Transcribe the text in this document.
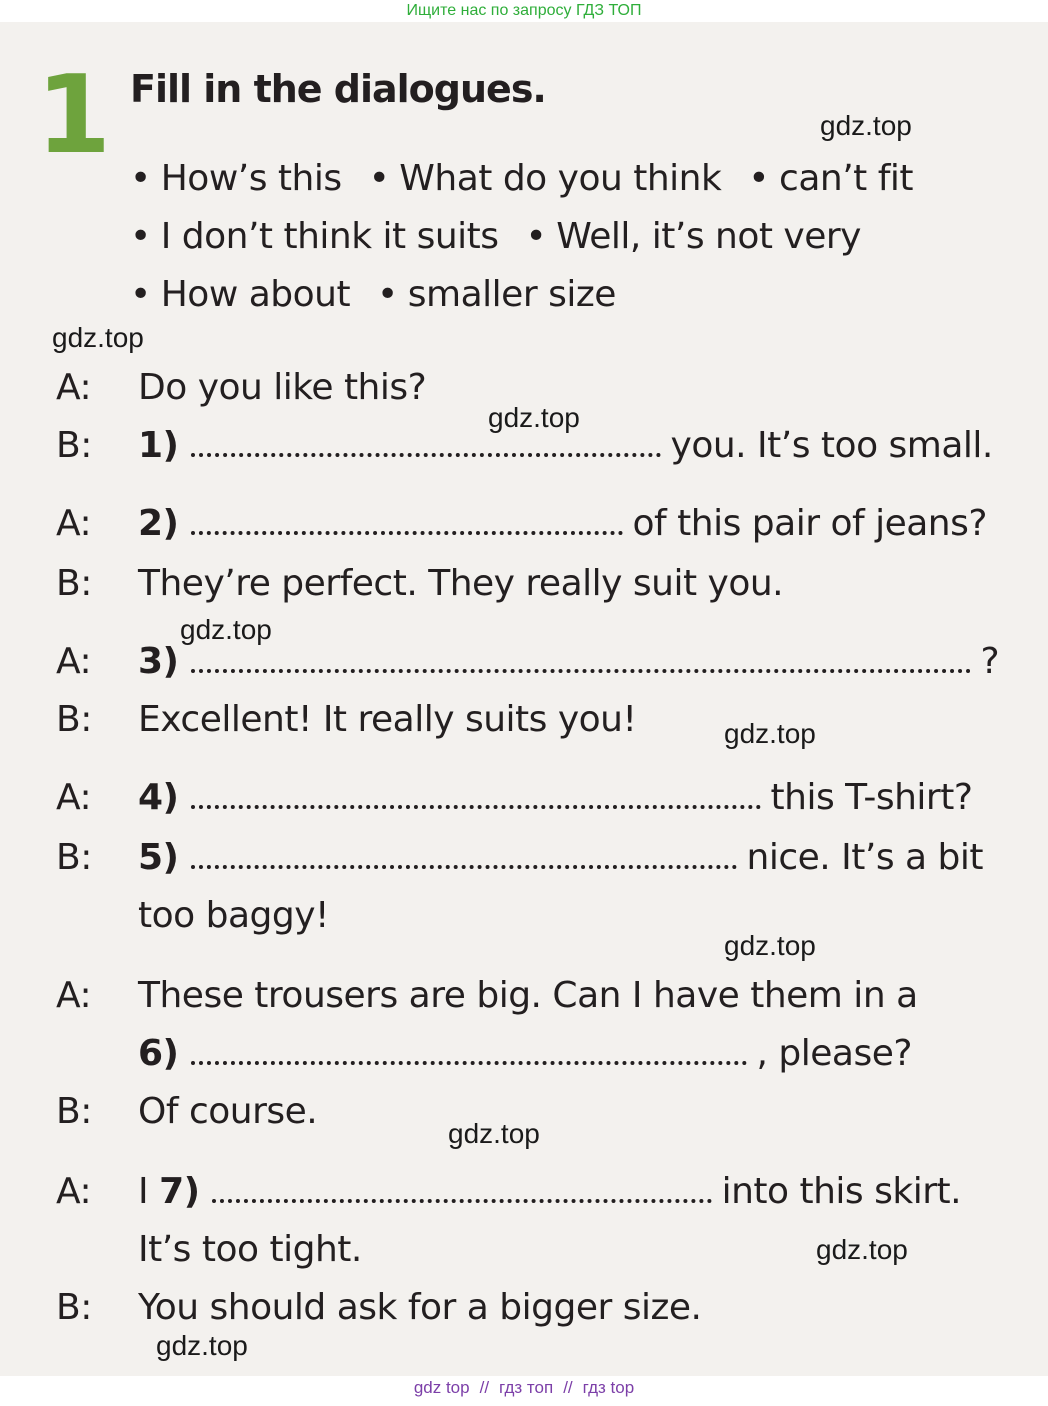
Ищите нас по запросу ГДЗ ТОП
1 Fill in the dialogues.
• How’s this • What do you think • can’t fit
• I don’t think it suits • Well, it’s not very
• How about • smaller size
A:	Do you like this?
B:	1)	you. It’s too small.
A:	2)	of this pair of jeans?
B:	They’re perfect. They really suit you.
A:	3)	?
B:	Excellent! It really suits you!
A:	4)	this T-shirt?
B:	5)	nice. It’s a bit
too baggy!
A:	These trousers are big. Can I have them in a
6)	, please?
B:	Of course.
A:	I 7)	into this skirt.
It’s too tight.
B:	You should ask for a bigger size.
gdz.top
gdz.top
gdz.top
gdz.top
gdz.top
gdz.top
gdz.top
gdz.top
gdz.top
gdz top // гдз топ // гдз top
